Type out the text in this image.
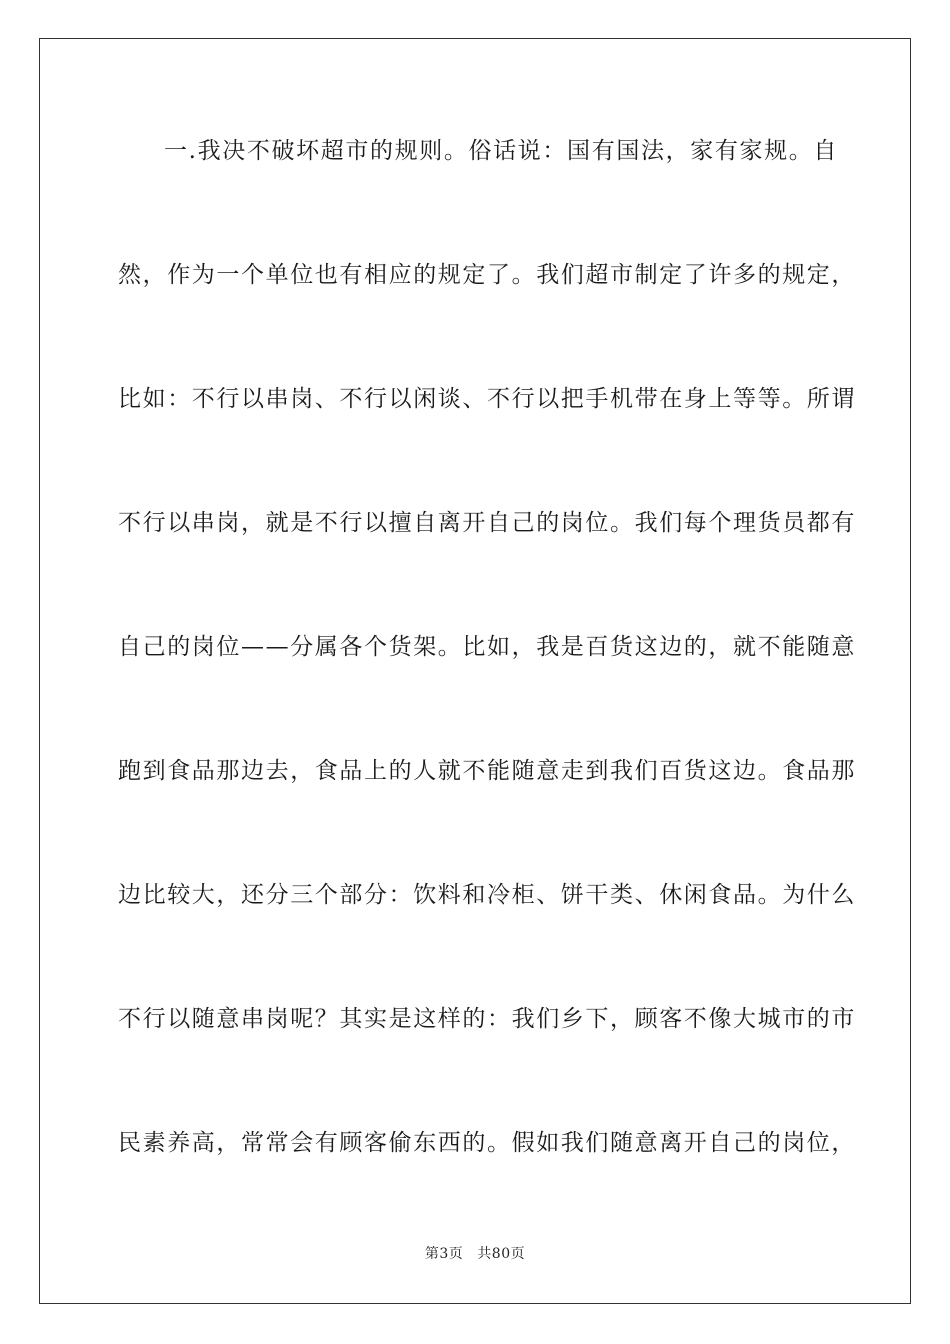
一.我决不破坏超市的规则。俗话说：国有国法，家有家规。自
然，作为一个单位也有相应的规定了。我们超市制定了许多的规定，
比如：不行以串岗、不行以闲谈、不行以把手机带在身上等等。所谓
不行以串岗，就是不行以擅自离开自己的岗位。我们每个理货员都有
自己的岗位——分属各个货架。比如，我是百货这边的，就不能随意
跑到食品那边去，食品上的人就不能随意走到我们百货这边。食品那
边比较大，还分三个部分：饮料和冷柜、饼干类、休闲食品。为什么
不行以随意串岗呢？其实是这样的：我们乡下，顾客不像大城市的市
民素养高，常常会有顾客偷东西的。假如我们随意离开自己的岗位，
第3页 共80页
